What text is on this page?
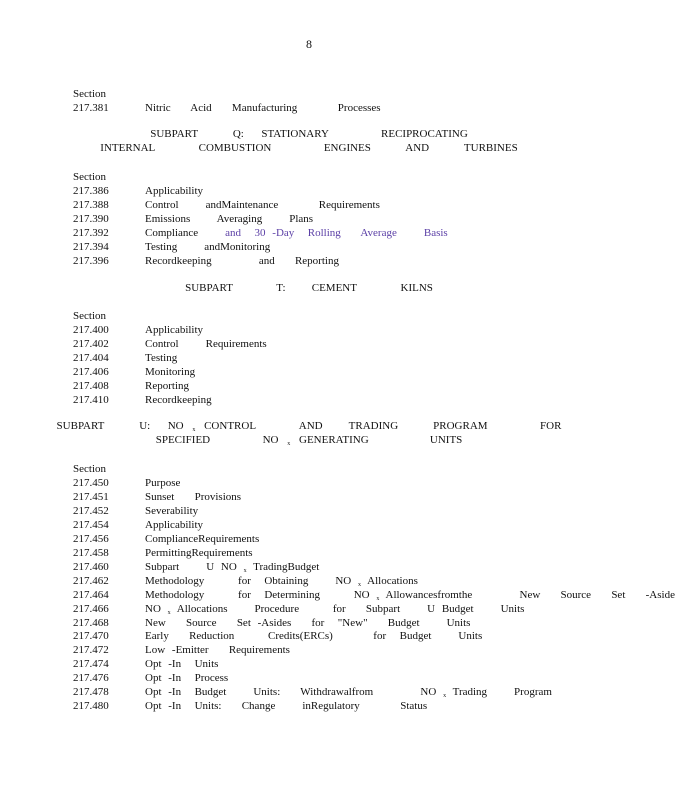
8
Section
217.381	Nitric   Acid   Manufacturing      Processes
SUBPART    Q:  STATIONARY      RECIPROCATING
INTERNAL     COMBUSTION      ENGINES    AND    TURBINES
Section
217.386	Applicability
217.388	Control    andMaintenance      Requirements
217.390	Emissions    Averaging    Plans
217.392	Compliance    and  30 -Day  Rolling   Average    Basis
217.394	Testing    andMonitoring
217.396	Recordkeeping       and   Reporting
SUBPART     T:   CEMENT     KILNS
Section
217.400	Applicability
217.402	Control    Requirements
217.404	Testing
217.406	Monitoring
217.408	Reporting
217.410	Recordkeeping
SUBPART    U:  NO $_x$ CONTROL     AND   TRADING    PROGRAM      FOR
SPECIFIED      NO $_x$ GENERATING       UNITS
Section
217.450	Purpose
217.451	Sunset   Provisions
217.452	Severability
217.454	Applicability
217.456	ComplianceRequirements
217.458	PermittingRequirements
217.460	Subpart    U NO $_x$ TradingBudget
217.462	Methodology     for  Obtaining    NO $_x$ Allocations
217.464	Methodology     for  Determining     NO $_x$ Allowancesfromthe       New   Source   Set   -Aside
217.466	NO $_x$ Allocations    Procedure     for   Subpart    U Budget    Units
217.468	New   Source   Set -Asides   for  "New"   Budget    Units
217.470	Early   Reduction     Credits(ERCs)      for  Budget    Units
217.472	Low -Emitter   Requirements
217.474	Opt -In  Units
217.476	Opt -In  Process
217.478	Opt -In  Budget    Units:   Withdrawalfrom       NO $_x$ Trading    Program
217.480	Opt -In  Units:   Change    inRegulatory      Status
